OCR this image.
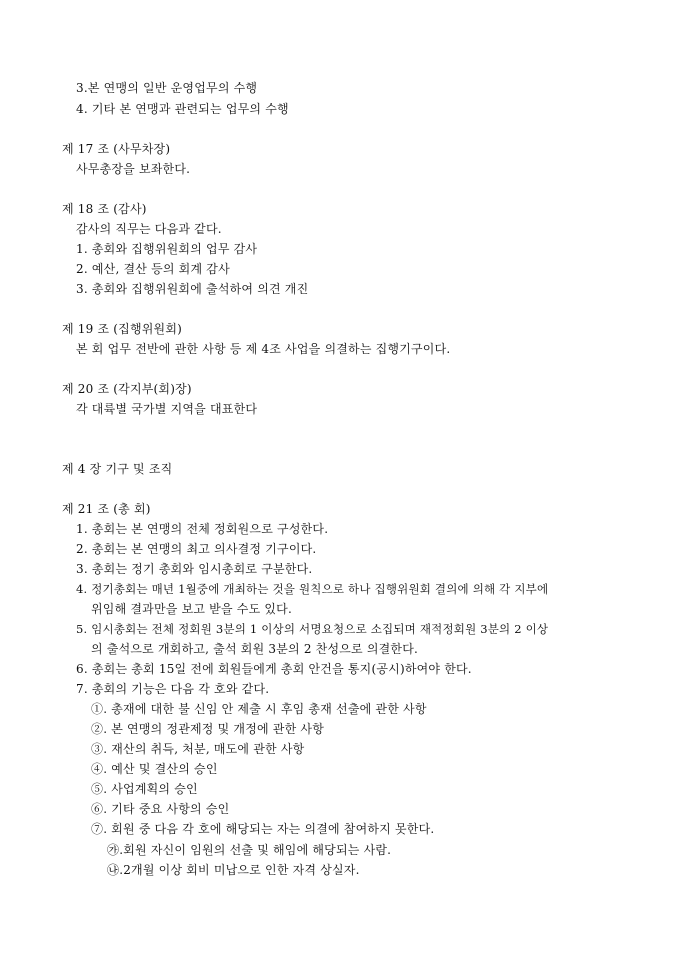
3.본 연맹의 일반 운영업무의 수행
4. 기타 본 연맹과 관련되는 업무의 수행
제 17 조 (사무차장)
사무총장을 보좌한다.
제 18 조 (감사)
감사의 직무는 다음과 같다.
1. 총회와 집행위원회의 업무 감사
2. 예산, 결산 등의 회계 감사
3. 총회와 집행위원회에 출석하여 의견 개진
제 19 조 (집행위원회)
본 회 업무 전반에 관한 사항 등 제 4조 사업을 의결하는 집행기구이다.
제 20 조 (각지부(회)장)
각 대륙별 국가별 지역을 대표한다
제 4 장 기구 및 조직
제 21 조 (총 회)
1. 총회는 본 연맹의 전체 정회원으로 구성한다.
2. 총회는 본 연맹의 최고 의사결정 기구이다.
3. 총회는 정기 총회와 임시총회로 구분한다.
4. 정기총회는 매년 1월중에 개최하는 것을 원칙으로 하나 집행위원회 결의에 의해 각 지부에
위임해 결과만을 보고 받을 수도 있다.
5. 임시총회는 전체 정회원 3분의 1 이상의 서명요청으로 소집되며 재적정회원 3분의 2 이상
의 출석으로 개회하고, 출석 회원 3분의 2 찬성으로 의결한다.
6. 총회는 총회 15일 전에 회원들에게 총회 안건을 통지(공시)하여야 한다.
7. 총회의 기능은 다음 각 호와 같다.
①. 총재에 대한 불 신임 안 제출 시 후임 총재 선출에 관한 사항
②. 본 연맹의 정관제정 및 개정에 관한 사항
③. 재산의 취득, 처분, 매도에 관한 사항
④. 예산 및 결산의 승인
⑤. 사업계획의 승인
⑥. 기타 중요 사항의 승인
⑦. 회원 중 다음 각 호에 해당되는 자는 의결에 참여하지 못한다.
㉮.회원 자신이 임원의 선출 및 해임에 해당되는 사람.
㉯.2개월 이상 회비 미납으로 인한 자격 상실자.
